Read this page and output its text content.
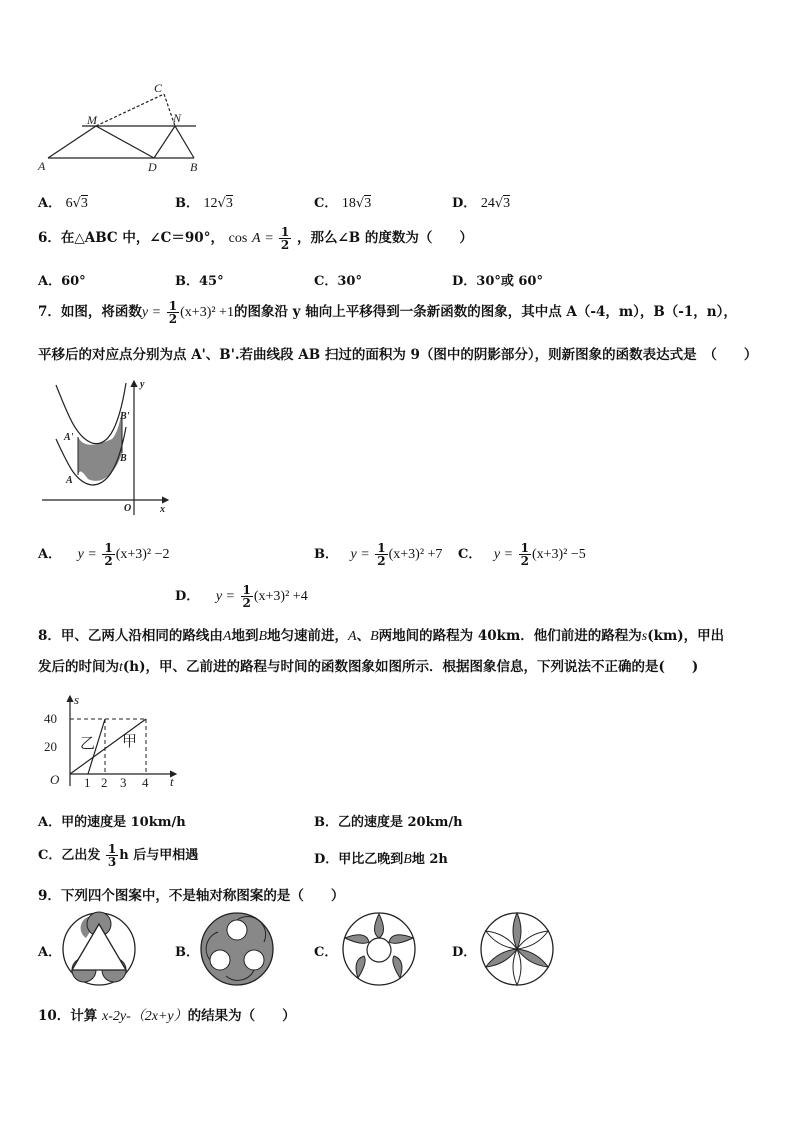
C
M	N
A	D	B
A． 6√3	B． 12√3	C． 18√3	D． 24√3
6．在△ABC 中，∠C＝90°， $\cos A = \frac{1}{2}$ ，那么∠B 的度数为（　　）
A．60°	B．45°	C．30°	D．30°或 60°
7．如图，将函数$y = \frac{1}{2} (x+3)^2 +1$的图象沿 y 轴向上平移得到一条新函数的图象，其中点 A（-4，m），B（-1，n），
平移后的对应点分别为点 A'、B'.若曲线段 AB 扫过的面积为 9（图中的阴影部分），则新图象的函数表达式是　（　　）
y
x
O
A'
A
B'
B
A． $y = \frac{1}{2} (x+3)^2 -2$	B． $y = \frac{1}{2} (x+3)^2 +7$ C． $y = \frac{1}{2} (x+3)^2 -5$
D． $y = \frac{1}{2} (x+3)^2 +4$
8．甲、乙两人沿相同的路线由A地到B地匀速前进，A、B两地间的路程为 40km．他们前进的路程为s(km)，甲出
发后的时间为t(h)，甲、乙前进的路程与时间的函数图象如图所示．根据图象信息，下列说法不正确的是(　　)
s
t
O
40
20
1 2 3 4
乙 甲
A．甲的速度是 10km/h	B．乙的速度是 20km/h
C．乙出发 $\frac{1}{3}$ h 后与甲相遇	D．甲比乙晚到B地 2h
9．下列四个图案中，不是轴对称图案的是（　　）
A．	B．	C．	D．
10．计算 x-2y-（2x+y）的结果为（　　）
